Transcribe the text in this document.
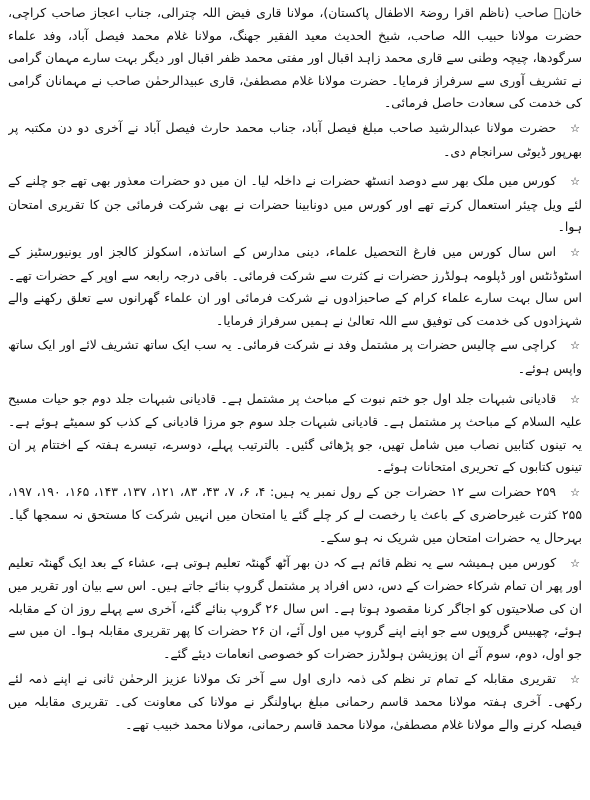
خانؒ صاحب (ناظم اقرا روضۃ الاطفال پاکستان)، مولانا قاری فیض اللہ چترالی، جناب اعجاز صاحب کراچی، حضرت مولانا حبیب اللہ صاحب، شیخ الحدیث معید الفقیر جھنگ، مولانا غلام محمد فیصل آباد، وفد علماء سرگودھا، چیچہ وطنی سے قاری محمد زاہد اقبال اور مفتی محمد ظفر اقبال اور دیگر بہت سارے مہمان گرامی نے تشریف آوری سے سرفراز فرمایا۔ حضرت مولانا غلام مصطفیٰ، قاری عبیدالرحمٰن صاحب نے مہمانان گرامی کی خدمت کی سعادت حاصل فرمائی۔

☆حضرت مولانا عبدالرشید صاحب مبلغ فیصل آباد، جناب محمد حارث فیصل آباد نے آخری دو دن مکتبہ پر بھرپور ڈیوٹی سرانجام دی۔

☆کورس میں ملک بھر سے دوصد انسٹھ حضرات نے داخلہ لیا۔ ان میں دو حضرات معذور بھی تھے جو چلنے کے لئے ویل چیئر استعمال کرتے تھے اور کورس میں دونابینا حضرات نے بھی شرکت فرمائی جن کا تقریری امتحان ہوا۔

☆اس سال کورس میں فارغ التحصیل علماء، دینی مدارس کے اساتذہ، اسکولز کالجز اور یونیورسٹیز کے اسٹوڈنٹس اور ڈپلومہ ہولڈرز حضرات نے کثرت سے شرکت فرمائی۔ باقی درجہ رابعہ سے اوپر کے حضرات تھے۔ اس سال بہت سارے علماء کرام کے صاحبزادوں نے شرکت فرمائی اور ان علماء گھرانوں سے تعلق رکھنے والے شہزادوں کی خدمت کی توفیق سے اللہ تعالیٰ نے ہمیں سرفراز فرمایا۔

☆کراچی سے چالیس حضرات پر مشتمل وفد نے شرکت فرمائی۔ یہ سب ایک ساتھ تشریف لائے اور ایک ساتھ واپس ہوئے۔

☆قادیانی شبہات جلد اول جو ختم نبوت کے مباحث پر مشتمل ہے۔ قادیانی شبہات جلد دوم جو حیات مسیح علیہ السلام کے مباحث پر مشتمل ہے۔ قادیانی شبہات جلد سوم جو مرزا قادیانی کے کذب کو سمیٹے ہوئے ہے۔ یہ تینوں کتابیں نصاب میں شامل تھیں، جو پڑھائی گئیں۔ بالترتیب پہلے، دوسرے، تیسرے ہفتہ کے اختتام پر ان تینوں کتابوں کے تحریری امتحانات ہوئے۔

☆۲۵۹ حضرات سے ۱۲ حضرات جن کے رول نمبر یہ ہیں: ۴، ۶، ۷، ۴۳، ۸۳، ۱۲۱، ۱۳۷، ۱۴۳، ۱۶۵، ۱۹۰، ۱۹۷، ۲۵۵ کثرت غیرحاضری کے باعث یا رخصت لے کر چلے گئے یا امتحان میں انہیں شرکت کا مستحق نہ سمجھا گیا۔ بہرحال یہ حضرات امتحان میں شریک نہ ہو سکے۔

☆کورس میں ہمیشہ سے یہ نظم قائم ہے کہ دن بھر آٹھ گھنٹہ تعلیم ہوتی ہے، عشاء کے بعد ایک گھنٹہ تعلیم اور پھر ان تمام شرکاء حضرات کے دس، دس افراد پر مشتمل گروپ بنائے جاتے ہیں۔ اس سے بیان اور تقریر میں ان کی صلاحیتوں کو اجاگر کرنا مقصود ہوتا ہے۔ اس سال ۲۶ گروپ بنائے گئے، آخری سے پہلے روز ان کے مقابلہ ہوئے، چھبیس گروپوں سے جو اپنے اپنے گروپ میں اول آئے، ان ۲۶ حضرات کا پھر تقریری مقابلہ ہوا۔ ان میں سے جو اول، دوم، سوم آئے ان پوزیشن ہولڈرز حضرات کو خصوصی انعامات دیئے گئے۔

☆تقریری مقابلہ کے تمام تر نظم کی ذمہ داری اول سے آخر تک مولانا عزیز الرحمٰن ثانی نے اپنے ذمہ لئے رکھی۔ آخری ہفتہ مولانا محمد قاسم رحمانی مبلغ بہاولنگر نے مولانا کی معاونت کی۔ تقریری مقابلہ میں فیصلہ کرنے والے مولانا غلام مصطفیٰ، مولانا محمد قاسم رحمانی، مولانا محمد خبیب تھے۔
